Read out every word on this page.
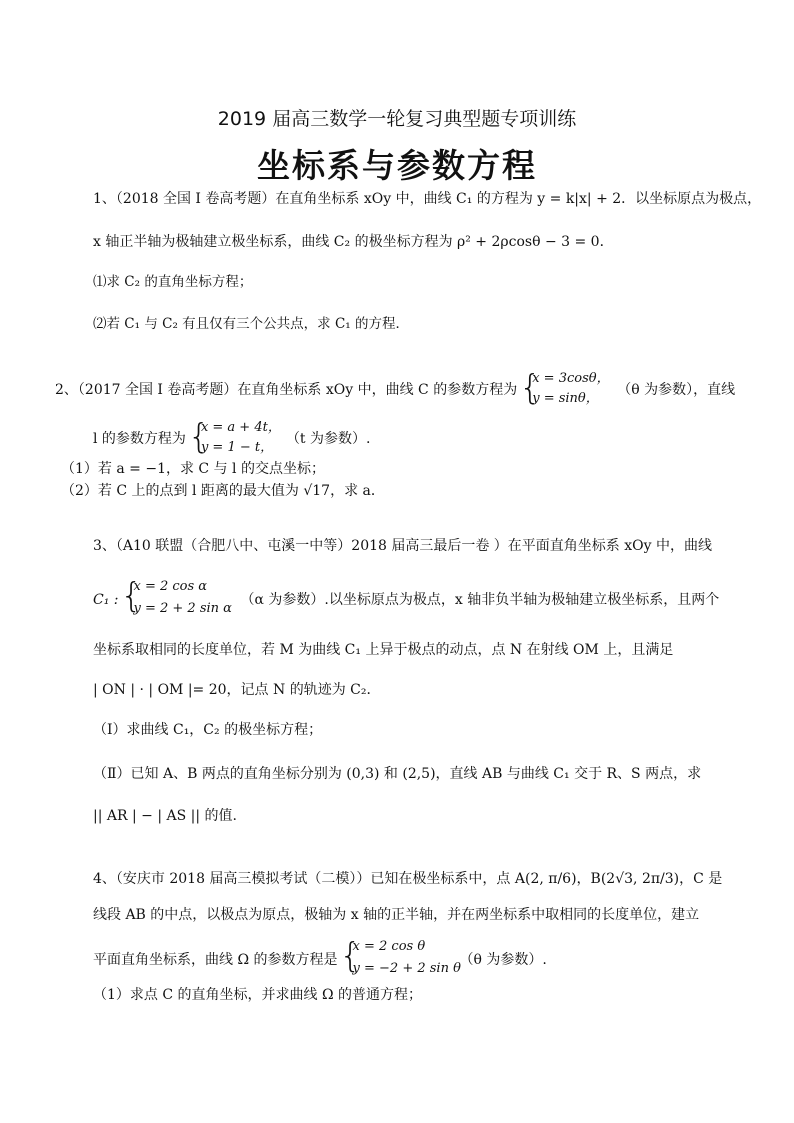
2019 届高三数学一轮复习典型题专项训练
坐标系与参数方程
1、（2018 全国 I 卷高考题）在直角坐标系 xOy 中，曲线 C₁ 的方程为 y = k|x| + 2．以坐标原点为极点，
x 轴正半轴为极轴建立极坐标系，曲线 C₂ 的极坐标方程为 ρ² + 2ρcosθ − 3 = 0．
⑴求 C₂ 的直角坐标方程；
⑵若 C₁ 与 C₂ 有且仅有三个公共点，求 C₁ 的方程．
2、（2017 全国 I 卷高考题）在直角坐标系 xOy 中，曲线 C 的参数方程为 {
x = 3cosθ，
y = sinθ，
（θ 为参数），直线
l 的参数方程为 {
x = a + 4t，
y = 1 − t，
（t 为参数）.
（1）若 a = −1，求 C 与 l 的交点坐标；
（2）若 C 上的点到 l 距离的最大值为 √17，求 a．
3、（A10 联盟（合肥八中、屯溪一中等）2018 届高三最后一卷 ）在平面直角坐标系 xOy 中，曲线
C₁ : {
x = 2 cos α
y = 2 + 2 sin α
（α 为参数）.以坐标原点为极点，x 轴非负半轴为极轴建立极坐标系，且两个
坐标系取相同的长度单位，若 M 为曲线 C₁ 上异于极点的动点，点 N 在射线 OM 上，且满足
| ON | · | OM |= 20，记点 N 的轨迹为 C₂．
（Ⅰ）求曲线 C₁，C₂ 的极坐标方程；
（Ⅱ）已知 A、B 两点的直角坐标分别为 (0,3) 和 (2,5)，直线 AB 与曲线 C₁ 交于 R、S 两点，求
|| AR | − | AS || 的值.
4、（安庆市 2018 届高三模拟考试（二模））已知在极坐标系中，点 A(2, π/6)，B(2√3, 2π/3)，C 是
线段 AB 的中点，以极点为原点，极轴为 x 轴的正半轴，并在两坐标系中取相同的长度单位，建立
平面直角坐标系，曲线 Ω 的参数方程是 {
x = 2 cos θ
y = −2 + 2 sin θ
（θ 为参数）.
（1）求点 C 的直角坐标，并求曲线 Ω 的普通方程；
